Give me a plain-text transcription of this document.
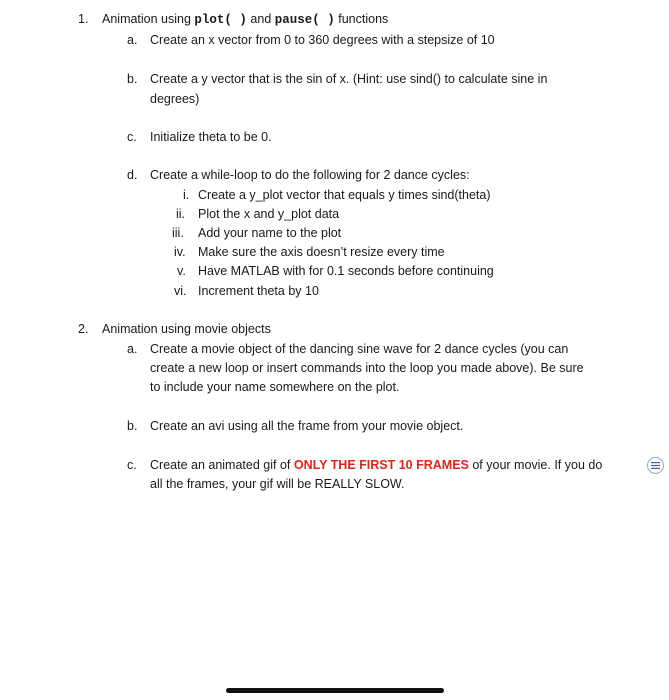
1. Animation using plot( ) and pause( ) functions
a. Create an x vector from 0 to 360 degrees with a stepsize of 10
b. Create a y vector that is the sin of x. (Hint: use sind() to calculate sine in
degrees)
c. Initialize theta to be 0.
d. Create a while-loop to do the following for 2 dance cycles:
i. Create a y_plot vector that equals y times sind(theta)
ii. Plot the x and y_plot data
iii. Add your name to the plot
iv. Make sure the axis doesn’t resize every time
v. Have MATLAB with for 0.1 seconds before continuing
vi. Increment theta by 10
2. Animation using movie objects
a. Create a movie object of the dancing sine wave for 2 dance cycles (you can
create a new loop or insert commands into the loop you made above). Be sure
to include your name somewhere on the plot.
b. Create an avi using all the frame from your movie object.
c. Create an animated gif of ONLY THE FIRST 10 FRAMES of your movie. If you do
all the frames, your gif will be REALLY SLOW.
